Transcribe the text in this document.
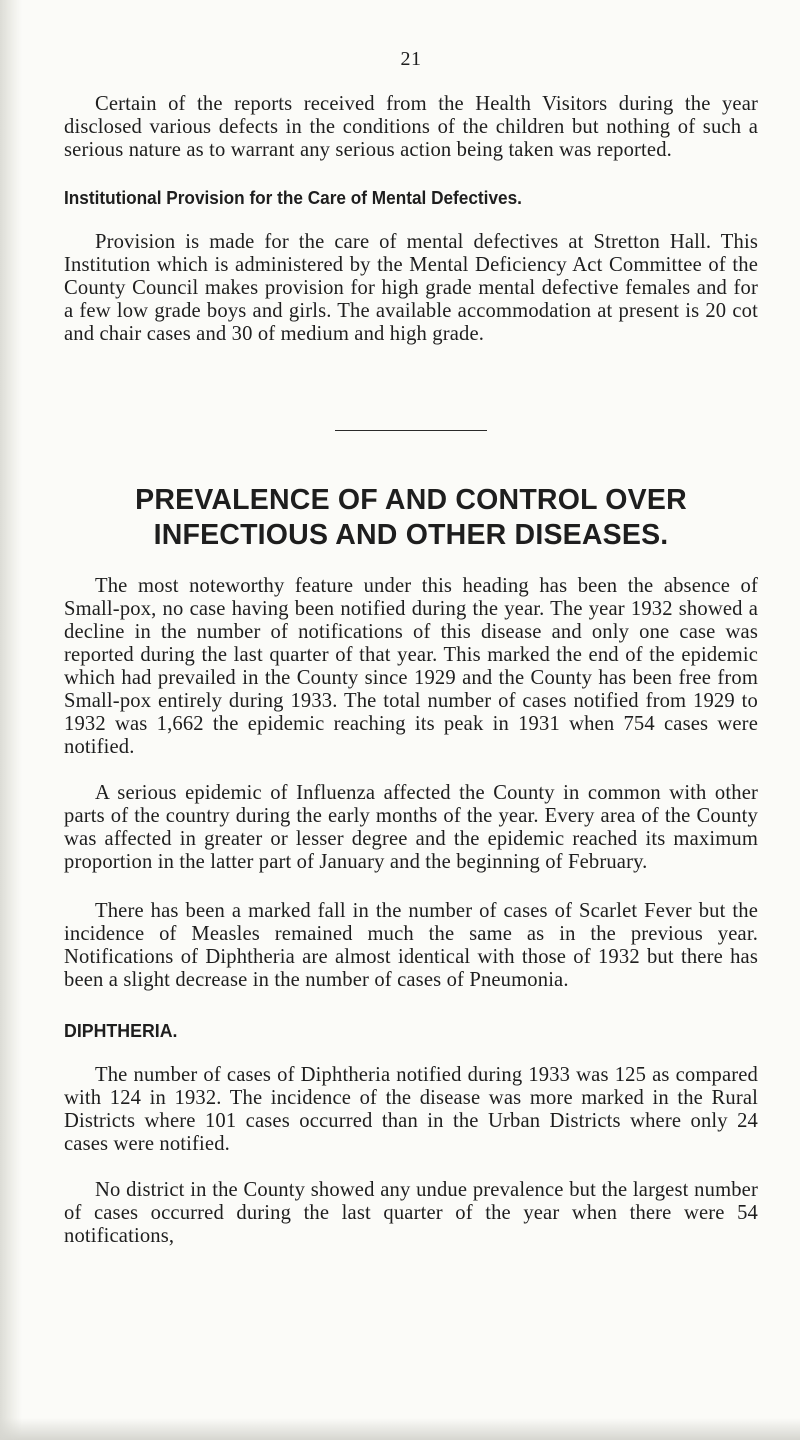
21

Certain of the reports received from the Health Visitors during the year disclosed various defects in the conditions of the children but nothing of such a serious nature as to warrant any serious action being taken was reported.

Institutional Provision for the Care of Mental Defectives.

Provision is made for the care of mental defectives at Stretton Hall. This Institution which is administered by the Mental Deficiency Act Committee of the County Council makes provision for high grade mental defective females and for a few low grade boys and girls. The available accommodation at present is 20 cot and chair cases and 30 of medium and high grade.

PREVALENCE OF AND CONTROL OVER
INFECTIOUS AND OTHER DISEASES.

The most noteworthy feature under this heading has been the absence of Small-pox, no case having been notified during the year. The year 1932 showed a decline in the number of notifications of this disease and only one case was reported during the last quarter of that year. This marked the end of the epidemic which had prevailed in the County since 1929 and the County has been free from Small-pox entirely during 1933. The total number of cases notified from 1929 to 1932 was 1,662 the epidemic reaching its peak in 1931 when 754 cases were notified.

A serious epidemic of Influenza affected the County in common with other parts of the country during the early months of the year. Every area of the County was affected in greater or lesser degree and the epidemic reached its maximum proportion in the latter part of January and the beginning of February.

There has been a marked fall in the number of cases of Scarlet Fever but the incidence of Measles remained much the same as in the previous year. Notifications of Diphtheria are almost identical with those of 1932 but there has been a slight decrease in the number of cases of Pneumonia.

DIPHTHERIA.

The number of cases of Diphtheria notified during 1933 was 125 as compared with 124 in 1932. The incidence of the disease was more marked in the Rural Districts where 101 cases occurred than in the Urban Districts where only 24 cases were notified.

No district in the County showed any undue prevalence but the largest number of cases occurred during the last quarter of the year when there were 54 notifications,
